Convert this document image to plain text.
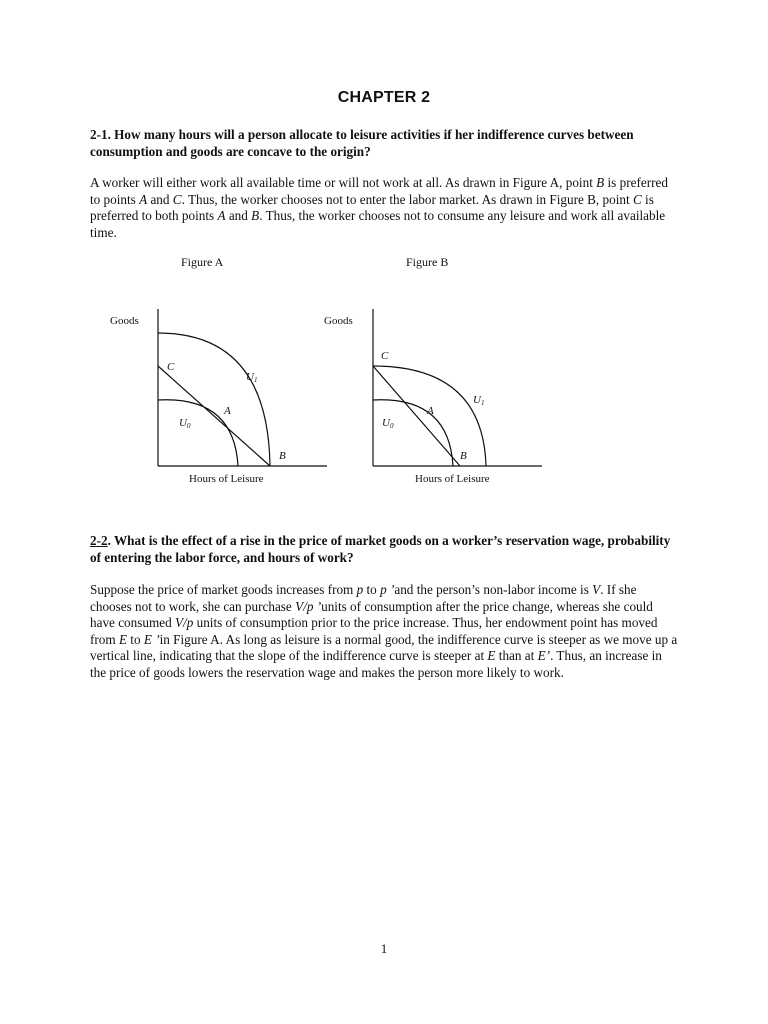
CHAPTER 2
2-1. How many hours will a person allocate to leisure activities if her indifference curves between consumption and goods are concave to the origin?
A worker will either work all available time or will not work at all. As drawn in Figure A, point B is preferred to points A and C. Thus, the worker chooses not to enter the labor market. As drawn in Figure B, point C is preferred to both points A and B. Thus, the worker chooses not to consume any leisure and work all available time.
Figure A	Figure B
Goods
C
U1
A
U0
B
Hours of Leisure
Goods
C
U1
A
U0
B
Hours of Leisure
2-2. What is the effect of a rise in the price of market goods on a worker’s reservation wage, probability of entering the labor force, and hours of work?
Suppose the price of market goods increases from p to p ’and the person’s non-labor income is V. If she chooses not to work, she can purchase V/p ’units of consumption after the price change, whereas she could have consumed V/p units of consumption prior to the price increase. Thus, her endowment point has moved from E to E ’in Figure A. As long as leisure is a normal good, the indifference curve is steeper as we move up a vertical line, indicating that the slope of the indifference curve is steeper at E than at E’. Thus, an increase in the price of goods lowers the reservation wage and makes the person more likely to work.
1
